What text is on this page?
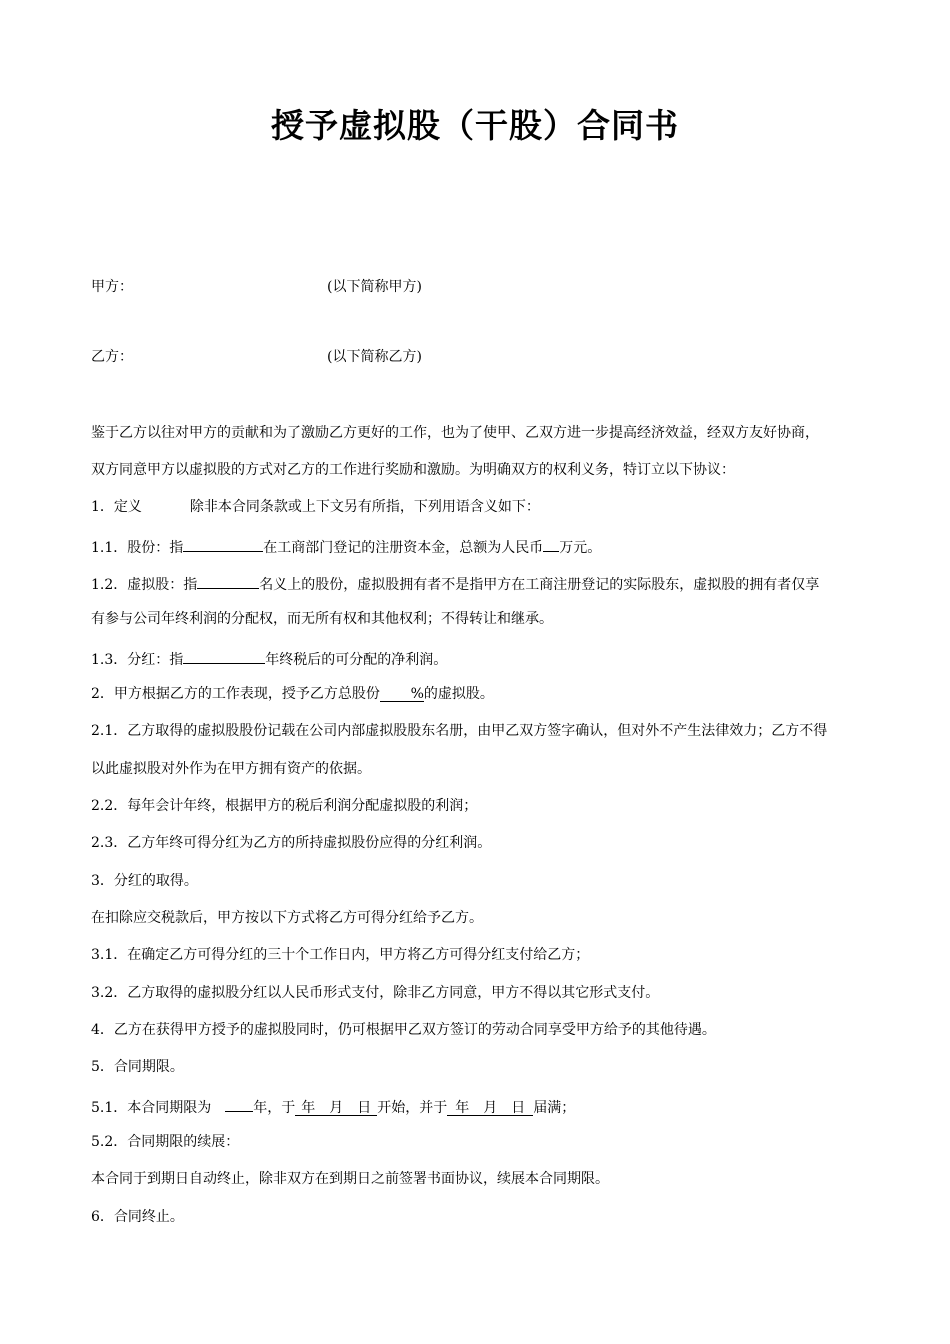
授予虚拟股（干股）合同书
甲方：	(以下简称甲方)
乙方：	(以下简称乙方)
鉴于乙方以往对甲方的贡献和为了激励乙方更好的工作，也为了使甲、乙双方进一步提高经济效益，经双方友好协商，
双方同意甲方以虚拟股的方式对乙方的工作进行奖励和激励。为明确双方的权利义务，特订立以下协议：
1．定义	除非本合同条款或上下文另有所指，下列用语含义如下：
1.1．股份：指	在工商部门登记的注册资本金，总额为人民币 万元。
1.2．虚拟股：指	名义上的股份，虚拟股拥有者不是指甲方在工商注册登记的实际股东，虚拟股的拥有者仅享
有参与公司年终利润的分配权，而无所有权和其他权利；不得转让和继承。
1.3．分红：指	年终税后的可分配的净利润。
2．甲方根据乙方的工作表现，授予乙方总股份 %的虚拟股。
2.1．乙方取得的虚拟股股份记载在公司内部虚拟股股东名册，由甲乙双方签字确认，但对外不产生法律效力；乙方不得
以此虚拟股对外作为在甲方拥有资产的依据。
2.2．每年会计年终，根据甲方的税后利润分配虚拟股的利润；
2.3．乙方年终可得分红为乙方的所持虚拟股份应得的分红利润。
3．分红的取得。
在扣除应交税款后，甲方按以下方式将乙方可得分红给予乙方。
3.1．在确定乙方可得分红的三十个工作日内，甲方将乙方可得分红支付给乙方；
3.2．乙方取得的虚拟股分红以人民币形式支付，除非乙方同意，甲方不得以其它形式支付。
4．乙方在获得甲方授予的虚拟股同时，仍可根据甲乙双方签订的劳动合同享受甲方给予的其他待遇。
5．合同期限。
5.1．本合同期限为	年，于 年　月　日 开始，并于 年　月　日 届满；
5.2．合同期限的续展：
本合同于到期日自动终止，除非双方在到期日之前签署书面协议，续展本合同期限。
6．合同终止。
